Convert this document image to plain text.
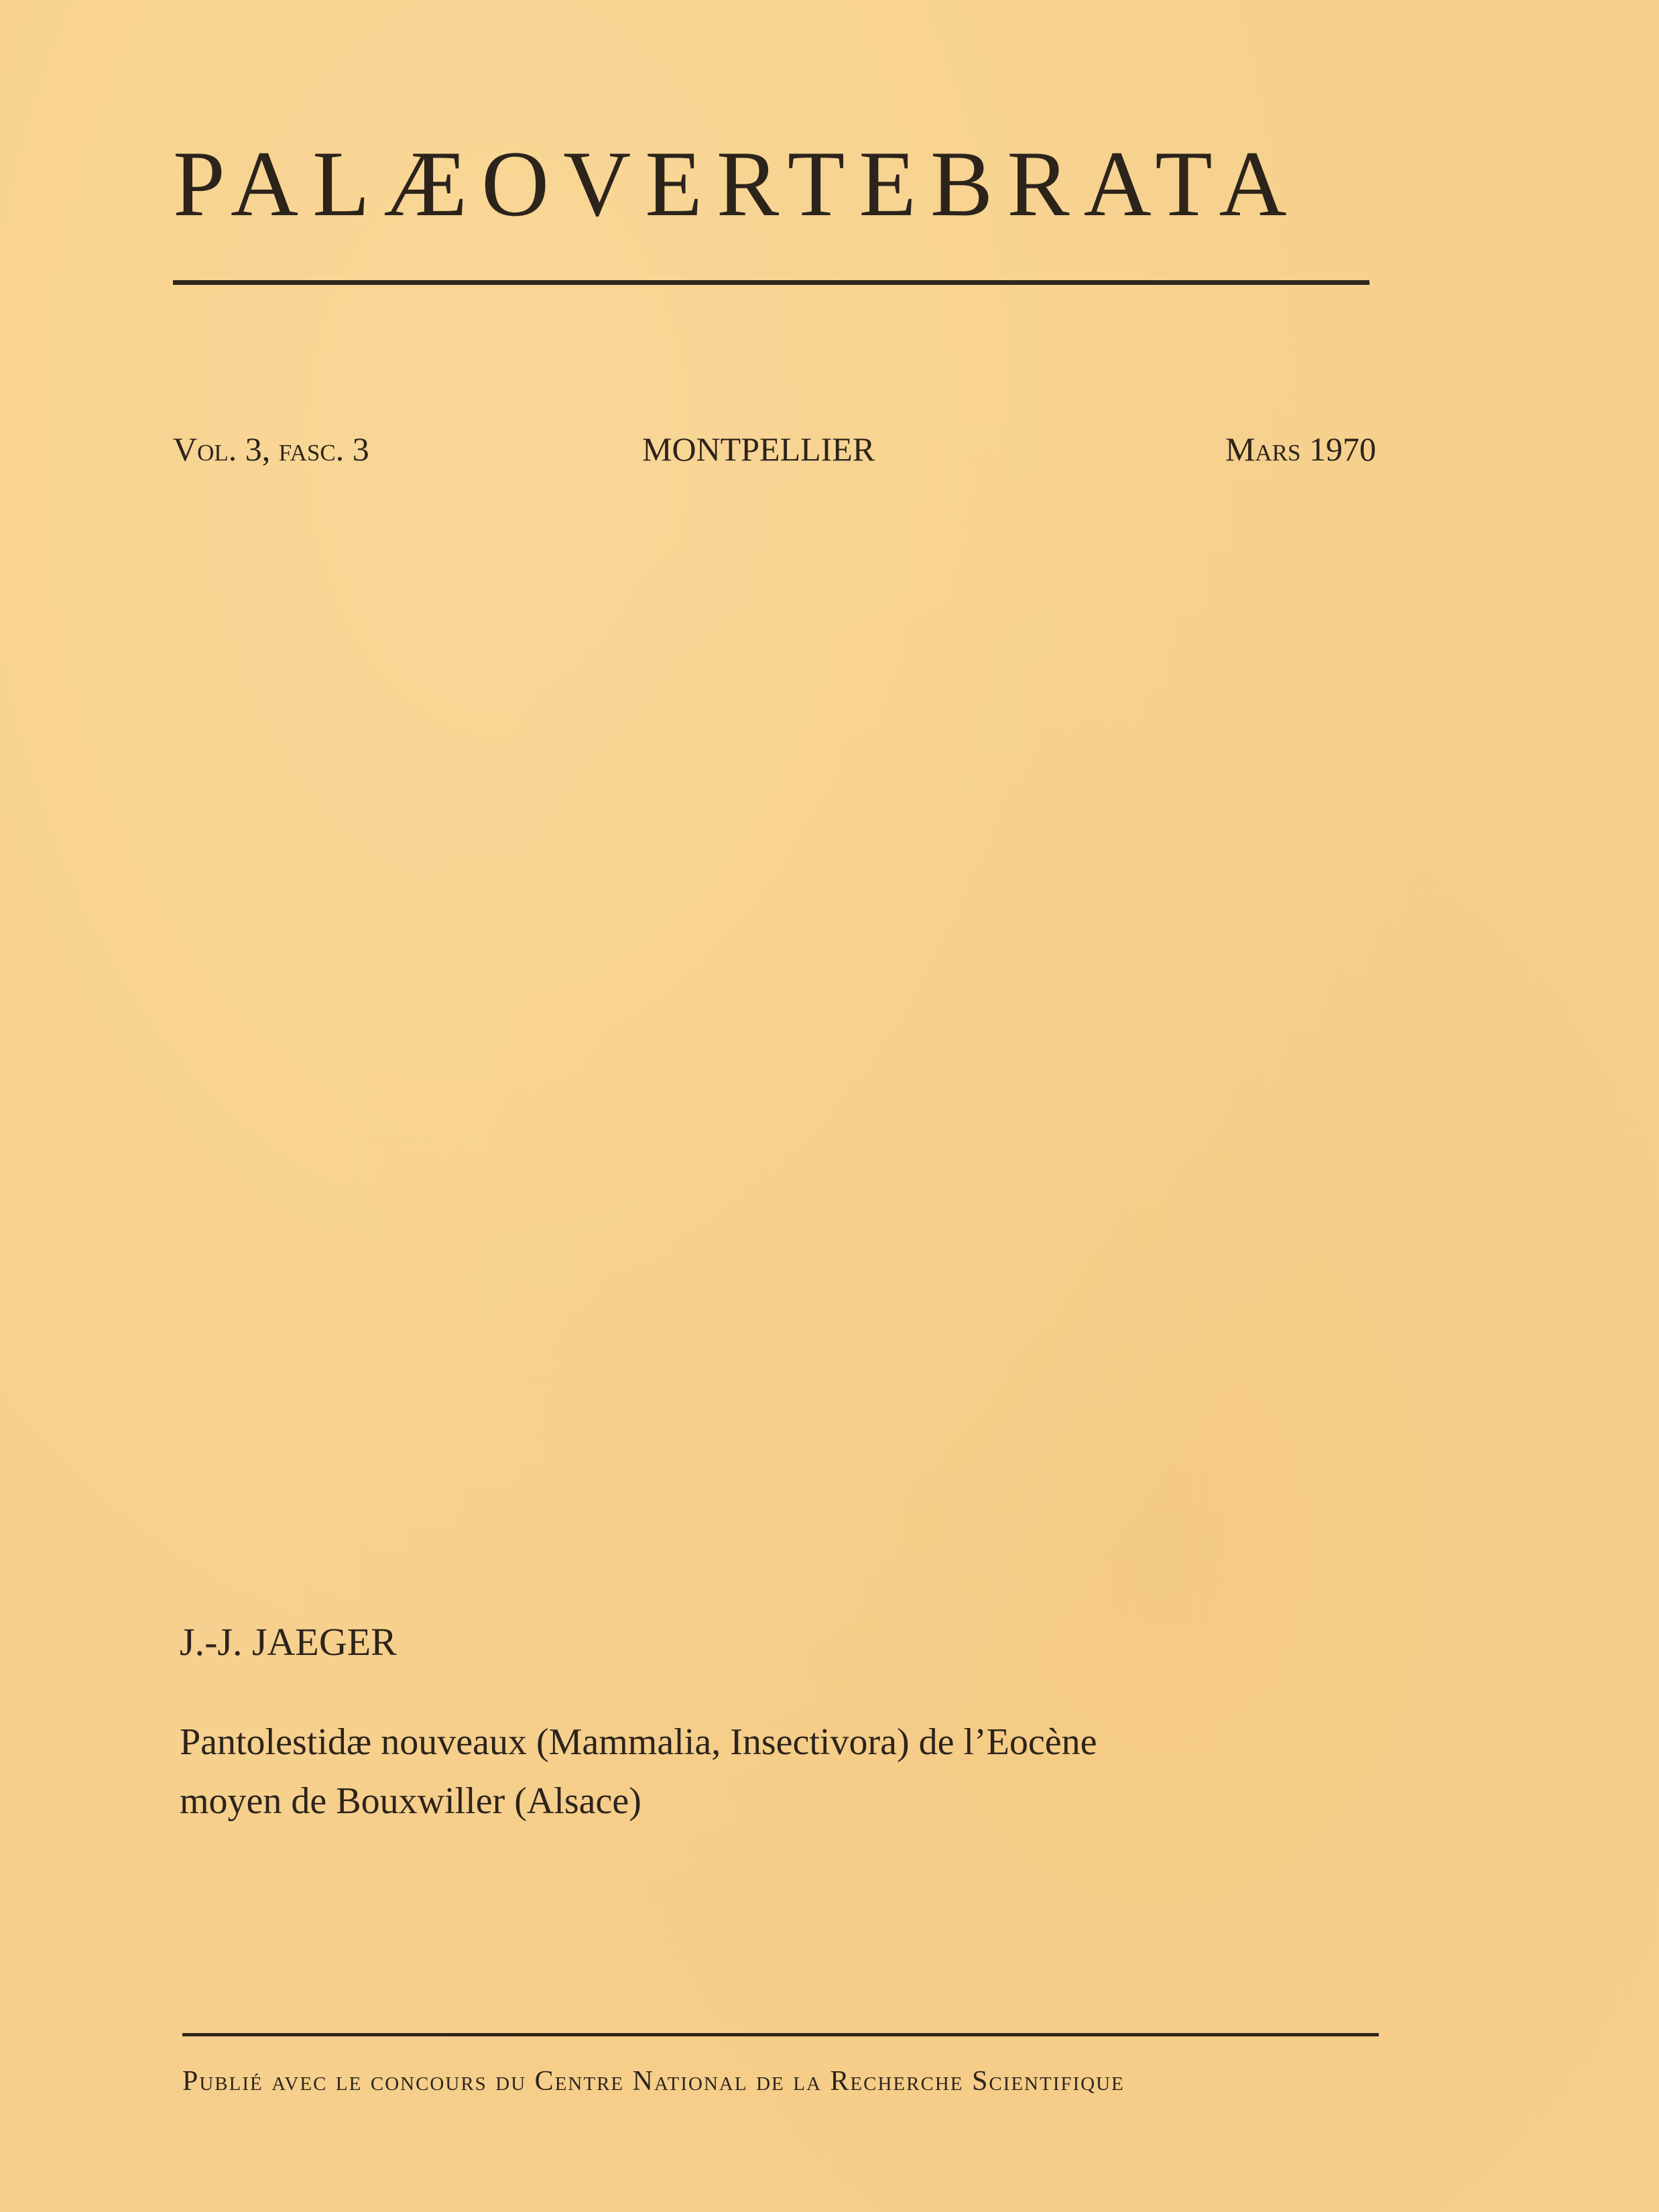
PALÆOVERTEBRATA
Vol. 3, fasc. 3	MONTPELLIER	Mars 1970
J.-J. JAEGER
Pantolestidæ nouveaux (Mammalia, Insectivora) de l’Eocène
moyen de Bouxwiller (Alsace)
Publié avec le concours du Centre National de la Recherche Scientifique
